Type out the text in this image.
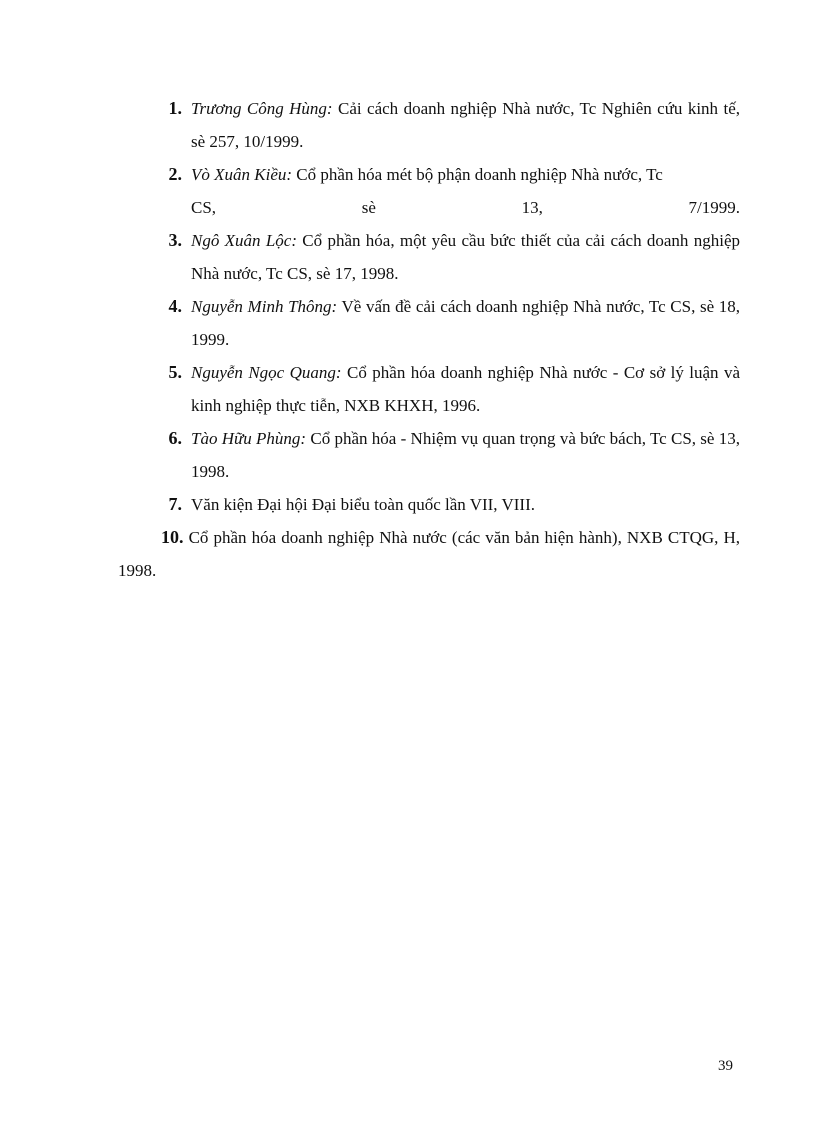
1. Trương Công Hùng: Cải cách doanh nghiệp Nhà nước, Tc Nghiên cứu kinh tế, sè 257, 10/1999.

2. Vò Xuân Kiều: Cổ phần hóa mét bộ phận doanh nghiệp Nhà nước, Tc
CS, sè 13, 7/1999.

3. Ngô Xuân Lộc: Cổ phần hóa, một yêu cầu bức thiết của cải cách doanh nghiệp Nhà nước, Tc CS, sè 17, 1998.

4. Nguyễn Minh Thông: Về vấn đề cải cách doanh nghiệp Nhà nước, Tc CS, sè 18, 1999.

5. Nguyễn Ngọc Quang: Cổ phần hóa doanh nghiệp Nhà nước - Cơ sở lý luận và kinh nghiệp thực tiễn, NXB KHXH, 1996.

6. Tào Hữu Phùng: Cổ phần hóa - Nhiệm vụ quan trọng và bức bách, Tc CS, sè 13, 1998.

7. Văn kiện Đại hội Đại biểu toàn quốc lần VII, VIII.

10. Cổ phần hóa doanh nghiệp Nhà nước (các văn bản hiện hành), NXB CTQG, H, 1998.

39
